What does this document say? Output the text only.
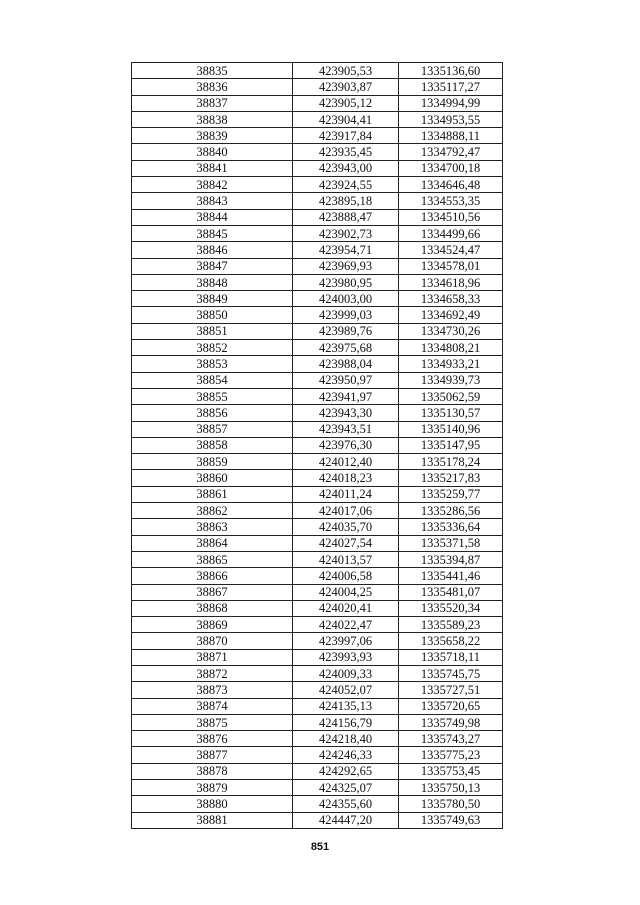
38835	423905,53	1335136,60
38836	423903,87	1335117,27
38837	423905,12	1334994,99
38838	423904,41	1334953,55
38839	423917,84	1334888,11
38840	423935,45	1334792,47
38841	423943,00	1334700,18
38842	423924,55	1334646,48
38843	423895,18	1334553,35
38844	423888,47	1334510,56
38845	423902,73	1334499,66
38846	423954,71	1334524,47
38847	423969,93	1334578,01
38848	423980,95	1334618,96
38849	424003,00	1334658,33
38850	423999,03	1334692,49
38851	423989,76	1334730,26
38852	423975,68	1334808,21
38853	423988,04	1334933,21
38854	423950,97	1334939,73
38855	423941,97	1335062,59
38856	423943,30	1335130,57
38857	423943,51	1335140,96
38858	423976,30	1335147,95
38859	424012,40	1335178,24
38860	424018,23	1335217,83
38861	424011,24	1335259,77
38862	424017,06	1335286,56
38863	424035,70	1335336,64
38864	424027,54	1335371,58
38865	424013,57	1335394,87
38866	424006,58	1335441,46
38867	424004,25	1335481,07
38868	424020,41	1335520,34
38869	424022,47	1335589,23
38870	423997,06	1335658,22
38871	423993,93	1335718,11
38872	424009,33	1335745,75
38873	424052,07	1335727,51
38874	424135,13	1335720,65
38875	424156,79	1335749,98
38876	424218,40	1335743,27
38877	424246,33	1335775,23
38878	424292,65	1335753,45
38879	424325,07	1335750,13
38880	424355,60	1335780,50
38881	424447,20	1335749,63
851
